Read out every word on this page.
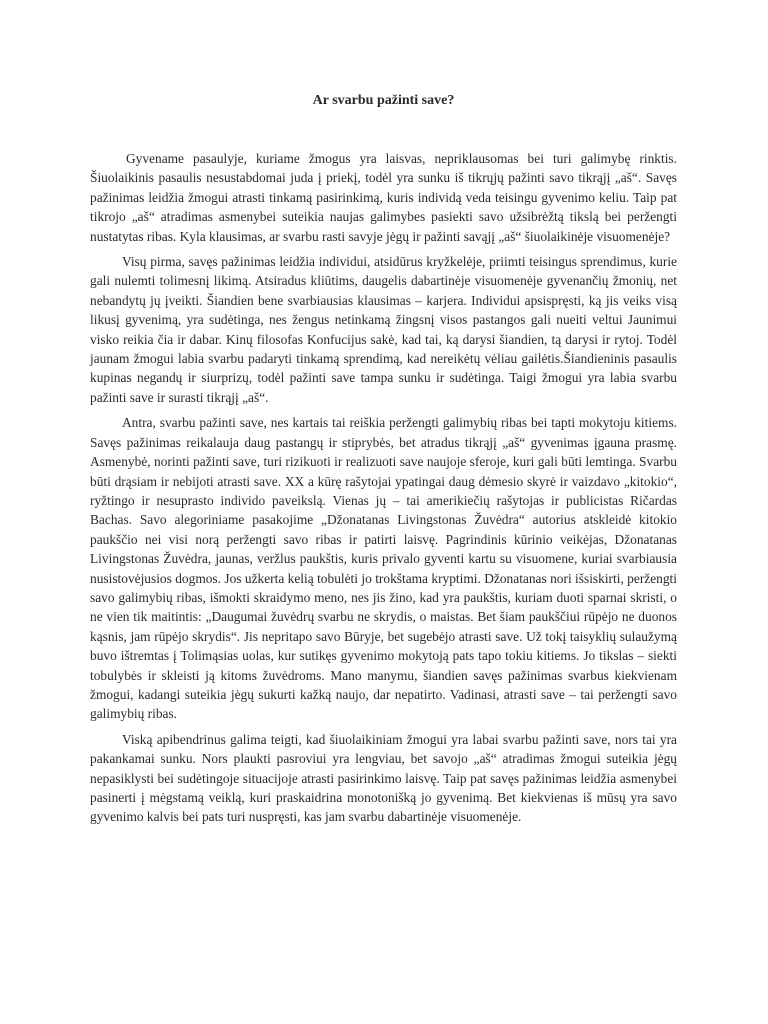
Ar svarbu pažinti save?

Gyvename pasaulyje, kuriame žmogus yra laisvas, nepriklausomas bei turi galimybę rinktis. Šiuolaikinis pasaulis nesustabdomai juda į priekį, todėl yra sunku iš tikrųjų pažinti savo tikrąjį „aš“. Savęs pažinimas leidžia žmogui atrasti tinkamą pasirinkimą, kuris individą veda teisingu gyvenimo keliu. Taip pat tikrojo „aš“ atradimas asmenybei suteikia naujas galimybes pasiekti savo užsibrėžtą tikslą bei peržengti nustatytas ribas. Kyla klausimas, ar svarbu rasti savyje jėgų ir pažinti savąjį „aš“ šiuolaikinėje visuomenėje?

Visų pirma, savęs pažinimas leidžia individui, atsidūrus kryžkelėje, priimti teisingus sprendimus, kurie gali nulemti tolimesnį likimą. Atsiradus kliūtims, daugelis dabartinėje visuomenėje gyvenančių žmonių, net nebandytų jų įveikti. Šiandien bene svarbiausias klausimas – karjera. Individui apsispręsti, ką jis veiks visą likusį gyvenimą, yra sudėtinga, nes žengus netinkamą žingsnį visos pastangos gali nueiti veltui Jaunimui visko reikia čia ir dabar. Kinų filosofas Konfucijus sakė, kad tai, ką darysi šiandien, tą darysi ir rytoj. Todėl jaunam žmogui labia svarbu padaryti tinkamą sprendimą, kad nereikėtų vėliau gailėtis.Šiandieninis pasaulis kupinas negandų ir siurprizų, todėl pažinti save tampa sunku ir sudėtinga. Taigi žmogui yra labia svarbu pažinti save ir surasti tikrąjį „aš“.

Antra, svarbu pažinti save, nes kartais tai reiškia peržengti galimybių ribas bei tapti mokytoju kitiems. Savęs pažinimas reikalauja daug pastangų ir stiprybės, bet atradus tikrąjį „aš“ gyvenimas įgauna prasmę. Asmenybė, norinti pažinti save, turi rizikuoti ir realizuoti save naujoje sferoje, kuri gali būti lemtinga. Svarbu būti drąsiam ir nebijoti atrasti save. XX a kūrę rašytojai ypatingai daug dėmesio skyrė ir vaizdavo „kitokio“, ryžtingo ir nesuprasto individo paveikslą. Vienas jų – tai amerikiečių rašytojas ir publicistas Ričardas Bachas. Savo alegoriniame pasakojime „Džonatanas Livingstonas Žuvėdra“ autorius atskleidė kitokio paukščio nei visi norą peržengti savo ribas ir patirti laisvę. Pagrindinis kūrinio veikėjas, Džonatanas Livingstonas Žuvėdra, jaunas, veržlus paukštis, kuris privalo gyventi kartu su visuomene, kuriai svarbiausia nusistovėjusios dogmos. Jos užkerta kelią tobulėti jo trokštama kryptimi. Džonatanas nori išsiskirti, peržengti savo galimybių ribas, išmokti skraidymo meno, nes jis žino, kad yra paukštis, kuriam duoti sparnai skristi, o ne vien tik maitintis: „Daugumai žuvėdrų svarbu ne skrydis, o maistas. Bet šiam paukščiui rūpėjo ne duonos kąsnis, jam rūpėjo skrydis“. Jis nepritapo savo Būryje, bet sugebėjo atrasti save. Už tokį taisyklių sulaužymą buvo ištremtas į Tolimąsias uolas, kur sutikęs gyvenimo mokytoją pats tapo tokiu kitiems. Jo tikslas – siekti tobulybės ir skleisti ją kitoms žuvėdroms. Mano manymu, šiandien savęs pažinimas svarbus kiekvienam žmogui, kadangi suteikia jėgų sukurti kažką naujo, dar nepatirto. Vadinasi, atrasti save – tai peržengti savo galimybių ribas.

Viską apibendrinus galima teigti, kad šiuolaikiniam žmogui yra labai svarbu pažinti save, nors tai yra pakankamai sunku. Nors plaukti pasroviui yra lengviau, bet savojo „aš“ atradimas žmogui suteikia jėgų nepasiklysti bei sudėtingoje situacijoje atrasti pasirinkimo laisvę. Taip pat savęs pažinimas leidžia asmenybei pasinerti į mėgstamą veiklą, kuri praskaidrina monotonišką jo gyvenimą. Bet kiekvienas iš mūsų yra savo gyvenimo kalvis bei pats turi nuspręsti, kas jam svarbu dabartinėje visuomenėje.
